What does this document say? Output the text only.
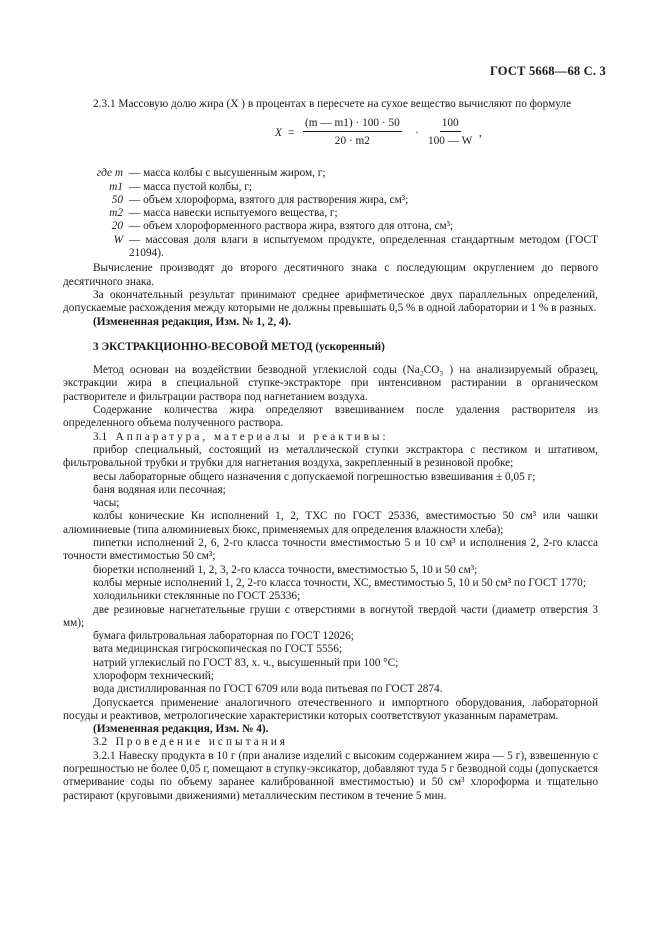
ГОСТ 5668—68 С. 3

2.3.1 Массовую долю жира (X ) в процентах в пересчете на сухое вещество вычисляют по формуле

$X = \frac{(m — m1) \cdot 100 \cdot 50}{20 \cdot m2} \cdot \frac{100}{100 — W}$ ,
где m — масса колбы с высушенным жиром, г;
m1 — масса пустой колбы, г;
50 — объем хлороформа, взятого для растворения жира, см³;
m2 — масса навески испытуемого вещества, г;
20 — объем хлороформенного раствора жира, взятого для отгона, см³;
W — массовая доля влаги в испытуемом продукте, определенная стандартным методом (ГОСТ 21094).

Вычисление производят до второго десятичного знака с последующим округлением до первого десятичного знака.

За окончательный результат принимают среднее арифметическое двух параллельных определений, допускаемые расхождения между которыми не должны превышать 0,5 % в одной лаборатории и 1 % в разных.

(Измененная редакция, Изм. № 1, 2, 4).

3 ЭКСТРАКЦИОННО-ВЕСОВОЙ МЕТОД (ускоренный)

Метод основан на воздействии безводной углекислой соды (Na₂CO₃ ) на анализируемый образец, экстракции жира в специальной ступке-экстракторе при интенсивном растирании в органическом растворителе и фильтрации раствора под нагнетанием воздуха.

Содержание количества жира определяют взвешиванием после удаления растворителя из определенного объема полученного раствора.

3.1 Аппаратура, материалы и реактивы:

прибор специальный, состоящий из металлической ступки экстрактора с пестиком и штативом, фильтровальной трубки и трубки для нагнетания воздуха, закрепленный в резиновой пробке;

весы лабораторные общего назначения с допускаемой погрешностью взвешивания ± 0,05 г;

баня водяная или песочная;

часы;

колбы конические Кн исполнений 1, 2, ТХС по ГОСТ 25336, вместимостью 50 см³ или чашки алюминиевые (типа алюминиевых бюкс, применяемых для определения влажности хлеба);

пипетки исполнений 2, 6, 2-го класса точности вместимостью 5 и 10 см³ и исполнения 2, 2-го класса точности вместимостью 50 см³;

бюретки исполнений 1, 2, 3, 2-го класса точности, вместимостью 5, 10 и 50 см³;

колбы мерные исполнений 1, 2, 2-го класса точности, ХС, вместимостью 5, 10 и 50 см³ по ГОСТ 1770;

холодильники стеклянные по ГОСТ 25336;

две резиновые нагнетательные груши с отверстиями в вогнутой твердой части (диаметр отверстия 3 мм);

бумага фильтровальная лабораторная по ГОСТ 12026;

вата медицинская гигроскопическая по ГОСТ 5556;

натрий углекислый по ГОСТ 83, х. ч., высушенный при 100 °С;

хлороформ технический;

вода дистиллированная по ГОСТ 6709 или вода питьевая по ГОСТ 2874.

Допускается применение аналогичного отечественного и импортного оборудования, лабораторной посуды и реактивов, метрологические характеристики которых соответствуют указанным параметрам.

(Измененная редакция, Изм. № 4).

3.2 Проведение испытания

3.2.1 Навеску продукта в 10 г (при анализе изделий с высоким содержанием жира — 5 г), взвешенную с погрешностью не более 0,05 г, помещают в ступку-эксикатор, добавляют туда 5 г безводной соды (допускается отмеривание соды по объему заранее калиброванной вместимостью) и 50 см³ хлороформа и тщательно растирают (круговыми движениями) металлическим пестиком в течение 5 мин.
